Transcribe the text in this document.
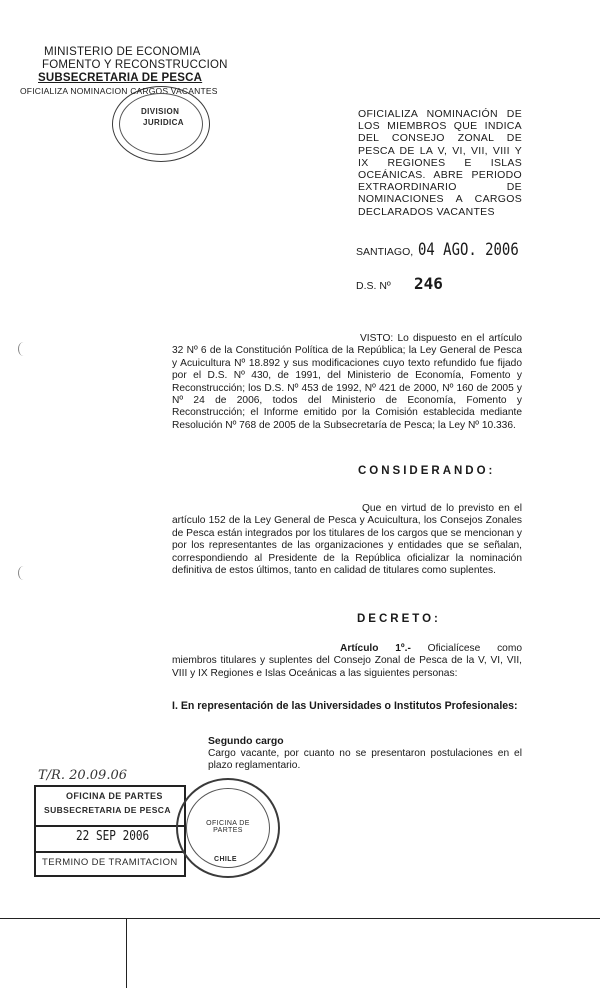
MINISTERIO DE ECONOMIA
FOMENTO Y RECONSTRUCCION
SUBSECRETARIA DE PESCA
OFICIALIZA NOMINACION CARGOS VACANTES
DIVISION
JURIDICA
OFICIALIZA NOMINACIÓN DE LOS MIEMBROS QUE INDICA DEL CONSEJO ZONAL DE PESCA DE LA V, VI, VII, VIII Y IX REGIONES E ISLAS OCEÁNICAS. ABRE PERIODO EXTRAORDINARIO DE NOMINACIONES A CARGOS DECLARADOS VACANTES
SANTIAGO, 04 AGO. 2006
D.S. Nº 246
VISTO: Lo dispuesto en el artículo 32 Nº 6 de la Constitución Política de la República; la Ley General de Pesca y Acuicultura Nº 18.892 y sus modificaciones cuyo texto refundido fue fijado por el D.S. Nº 430, de 1991, del Ministerio de Economía, Fomento y Reconstrucción; los D.S. Nº 453 de 1992, Nº 421 de 2000, Nº 160 de 2005 y Nº 24 de 2006, todos del Ministerio de Economía, Fomento y Reconstrucción; el Informe emitido por la Comisión establecida mediante Resolución Nº 768 de 2005 de la Subsecretaría de Pesca; la Ley Nº 10.336.
CONSIDERANDO:
Que en virtud de lo previsto en el artículo 152 de la Ley General de Pesca y Acuicultura, los Consejos Zonales de Pesca están integrados por los titulares de los cargos que se mencionan y por los representantes de las organizaciones y entidades que se señalan, correspondiendo al Presidente de la República oficializar la nominación definitiva de estos últimos, tanto en calidad de titulares como suplentes.
DECRETO:
Artículo 1º.- Oficialícese como miembros titulares y suplentes del Consejo Zonal de Pesca de la V, VI, VII, VIII y IX Regiones e Islas Oceánicas a las siguientes personas:
I. En representación de las Universidades o Institutos Profesionales:
Segundo cargo
Cargo vacante, por cuanto no se presentaron postulaciones en el plazo reglamentario.
T/R. 20.09.06
OFICINA DE PARTES
SUBSECRETARIA DE PESCA
22 SEP 2006
TERMINO DE TRAMITACION
OFICINA DE PARTES
CHILE
